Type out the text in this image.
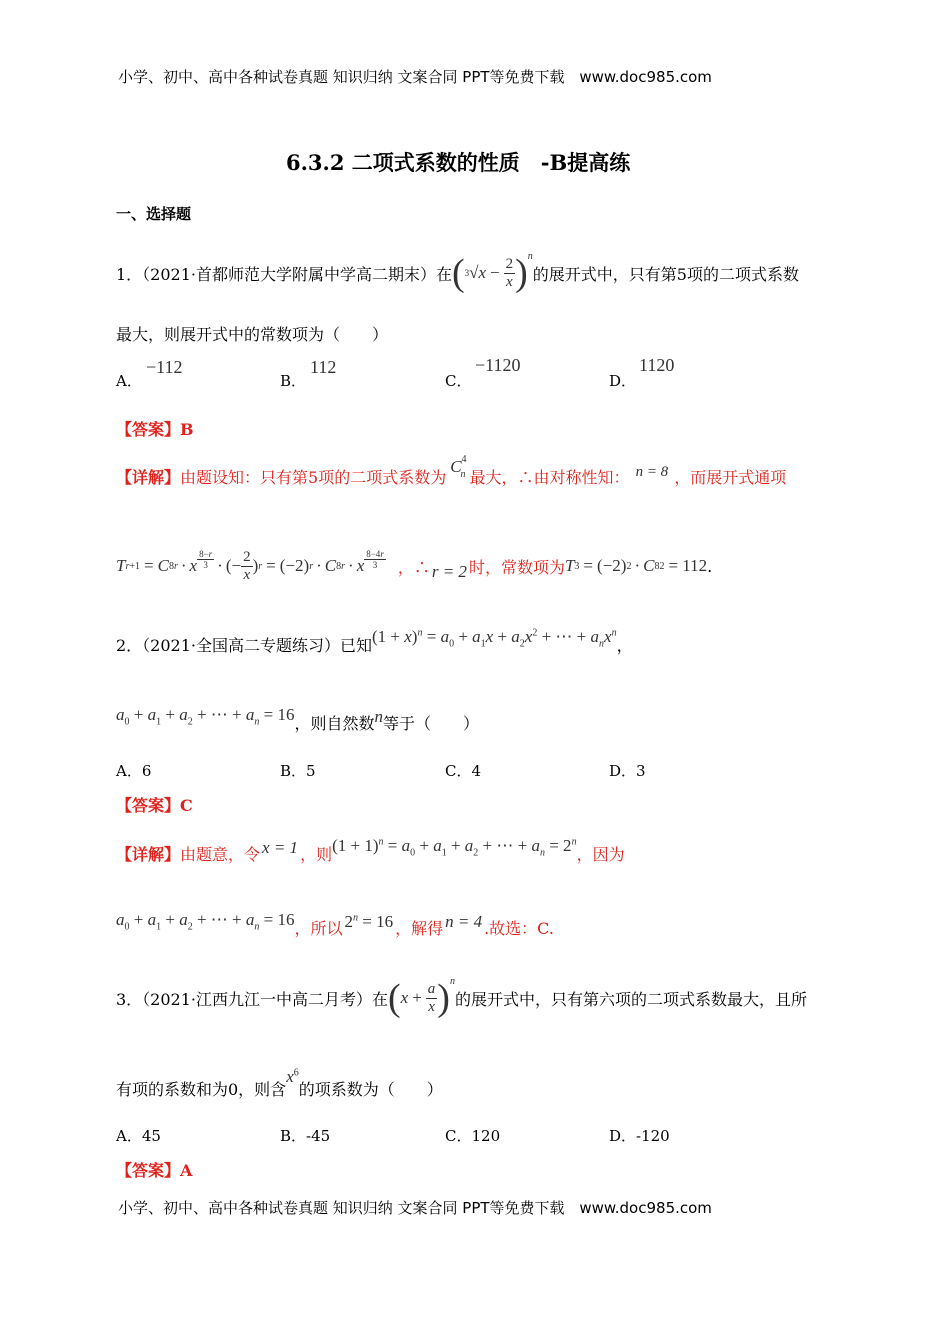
小学、初中、高中各种试卷真题 知识归纳 文案合同 PPT等免费下载 www.doc985.com
6.3.2 二项式系数的性质　-B提高练
一、选择题
1．（2021·首都师范大学附属中学高二期末）在 ( 3 $√x - \frac{2}{x}$ ) n
的展开式中，只有第5项的二项式系数
最大，则展开式中的常数项为（　　）
A．
−112
B．
112
C．
−1120
D．
1120
【答案】B
【详解】 由题设知：只有第5项的二项式系数为
$C^4_n$ 最大，∴由对称性知： n = 8 ，而展开式通项
T r+1 = C 8 r · x $\frac{8-r}{3}$ · (− $\frac{2}{x}$ ) r = (−2) r · C 8 r · x $\frac{8-4r}{3}$ ，∴ r = 2 时，常数项为 T 3 = (−2) 2 · C 8 2 = 112 .
2．（2021·全国高二专题练习）已知 $(1 + x)^n = a_0 + a_1x + a_2x^2$ + ⋯ + $a_nx^n$
，
$a_0 + a_1 + a_2$ + ⋯ + $a_n = 16$ ，则自然数 n 等于（　　）
A．6	B．5	C．4	D．3
【答案】C
【详解】 由题意，令 x = 1 ，则 $(1 + 1)^n = a_0 + a_1 + a_2$ + ⋯ + $a_n = 2^n$
，因为
$a_0 + a_1 + a_2$ + ⋯ + $a_n = 16$ ，所以 $2^n = 16$ ，解得 n = 4 .故选：C.
3．（2021·江西九江一中高二月考）在 ( $x + \frac{a}{x}$ ) n
的展开式中，只有第六项的二项式系数最大，且所
有项的系数和为0，则含
$x^6$
的项系数为（　　）
A．45	B．-45	C．120	D．-120
【答案】A
小学、初中、高中各种试卷真题 知识归纳 文案合同 PPT等免费下载 www.doc985.com
